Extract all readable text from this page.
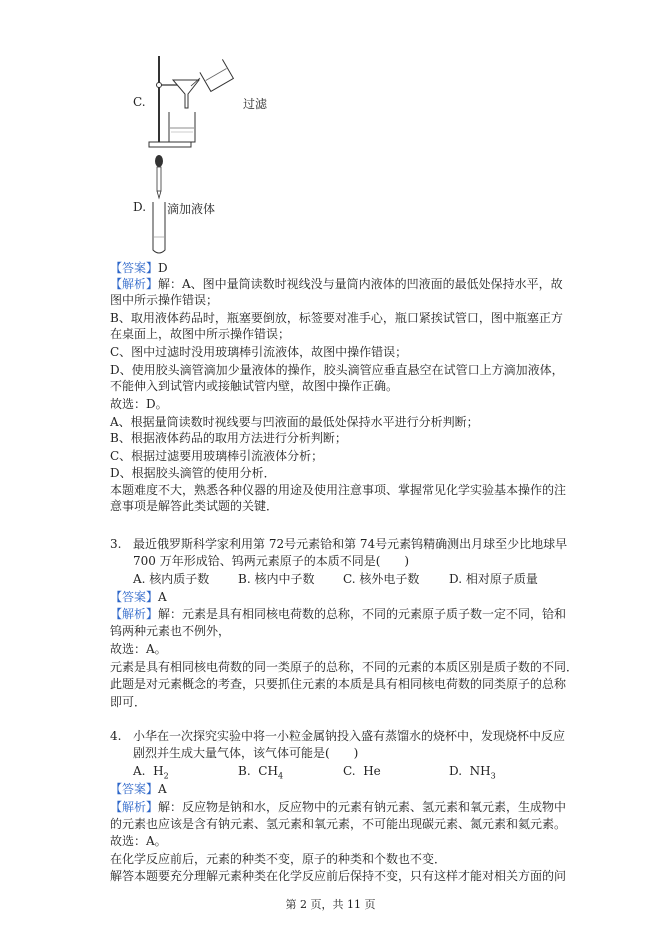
C.	过滤
D. 滴加液体
【答案】D
【解析】解：A、图中量筒读数时视线没与量筒内液体的凹液面的最低处保持水平，故
图中所示操作错误；
B、取用液体药品时，瓶塞要倒放，标签要对准手心，瓶口紧挨试管口，图中瓶塞正方
在桌面上，故图中所示操作错误；
C、图中过滤时没用玻璃棒引流液体，故图中操作错误；
D、使用胶头滴管滴加少量液体的操作，胶头滴管应垂直悬空在试管口上方滴加液体，
不能伸入到试管内或接触试管内壁，故图中操作正确。
故选：D。
A、根据量筒读数时视线要与凹液面的最低处保持水平进行分析判断；
B、根据液体药品的取用方法进行分析判断；
C、根据过滤要用玻璃棒引流液体分析；
D、根据胶头滴管的使用分析．
本题难度不大，熟悉各种仪器的用途及使用注意事项、掌握常见化学实验基本操作的注
意事项是解答此类试题的关键．
3. 最近俄罗斯科学家利用第 72号元素铪和第 74号元素钨精确测出月球至少比地球早
700 万年形成铪、钨两元素原子的本质不同是(　　)
A. 核内质子数 B. 核内中子数 C. 核外电子数 D. 相对原子质量
【答案】A
【解析】解：元素是具有相同核电荷数的总称，不同的元素原子质子数一定不同，铪和
钨两种元素也不例外，
故选：A。
元素是具有相同核电荷数的同一类原子的总称，不同的元素的本质区别是质子数的不同．
此题是对元素概念的考查，只要抓住元素的本质是具有相同核电荷数的同类原子的总称
即可．
4. 小华在一次探究实验中将一小粒金属钠投入盛有蒸馏水的烧杯中，发现烧杯中反应
剧烈并生成大量气体，该气体可能是(　　)
A. $H_2$	B. $CH_4$	C. He	D. $NH_3$
【答案】A
【解析】解：反应物是钠和水，反应物中的元素有钠元素、氢元素和氧元素，生成物中
的元素也应该是含有钠元素、氢元素和氧元素，不可能出现碳元素、氮元素和氦元素。
故选：A。
在化学反应前后，元素的种类不变，原子的种类和个数也不变．
解答本题要充分理解元素种类在化学反应前后保持不变，只有这样才能对相关方面的问
第 2 页，共 11 页
